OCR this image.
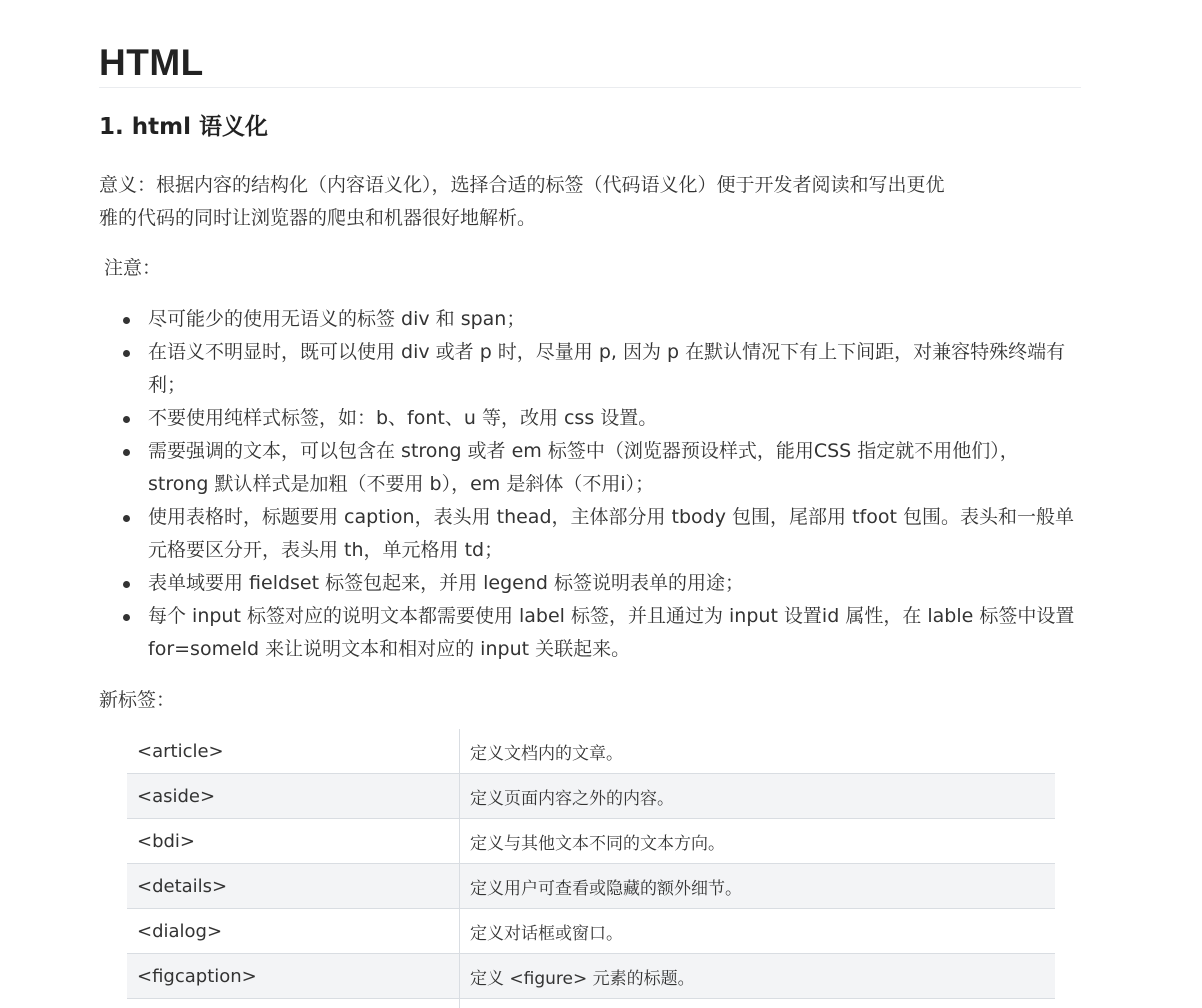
HTML
1. html 语义化

意义：根据内容的结构化（内容语义化），选择合适的标签（代码语义化）便于开发者阅读和写出更优
雅的代码的同时让浏览器的爬虫和机器很好地解析。

注意：

尽可能少的使用无语义的标签 div 和 span；
在语义不明显时，既可以使用 div 或者 p 时，尽量用 p, 因为 p 在默认情况下有上下间距，对兼容特殊终端有利；
不要使用纯样式标签，如：b、font、u 等，改用 css 设置。
需要强调的文本，可以包含在 strong 或者 em 标签中（浏览器预设样式，能用CSS 指定就不用他们），strong 默认样式是加粗（不要用 b），em 是斜体（不用i）；
使用表格时，标题要用 caption，表头用 thead，主体部分用 tbody 包围，尾部用 tfoot 包围。表头和一般单元格要区分开，表头用 th，单元格用 td；
表单域要用 fieldset 标签包起来，并用 legend 标签说明表单的用途；
每个 input 标签对应的说明文本都需要使用 label 标签，并且通过为 input 设置id 属性，在 lable 标签中设置 for=someld 来让说明文本和相对应的 input 关联起来。

新标签：

<article>	定义文档内的文章。
<aside>	定义页面内容之外的内容。
<bdi>	定义与其他文本不同的文本方向。
<details>	定义用户可查看或隐藏的额外细节。
<dialog>	定义对话框或窗口。
<figcaption>	定义 <figure> 元素的标题。
